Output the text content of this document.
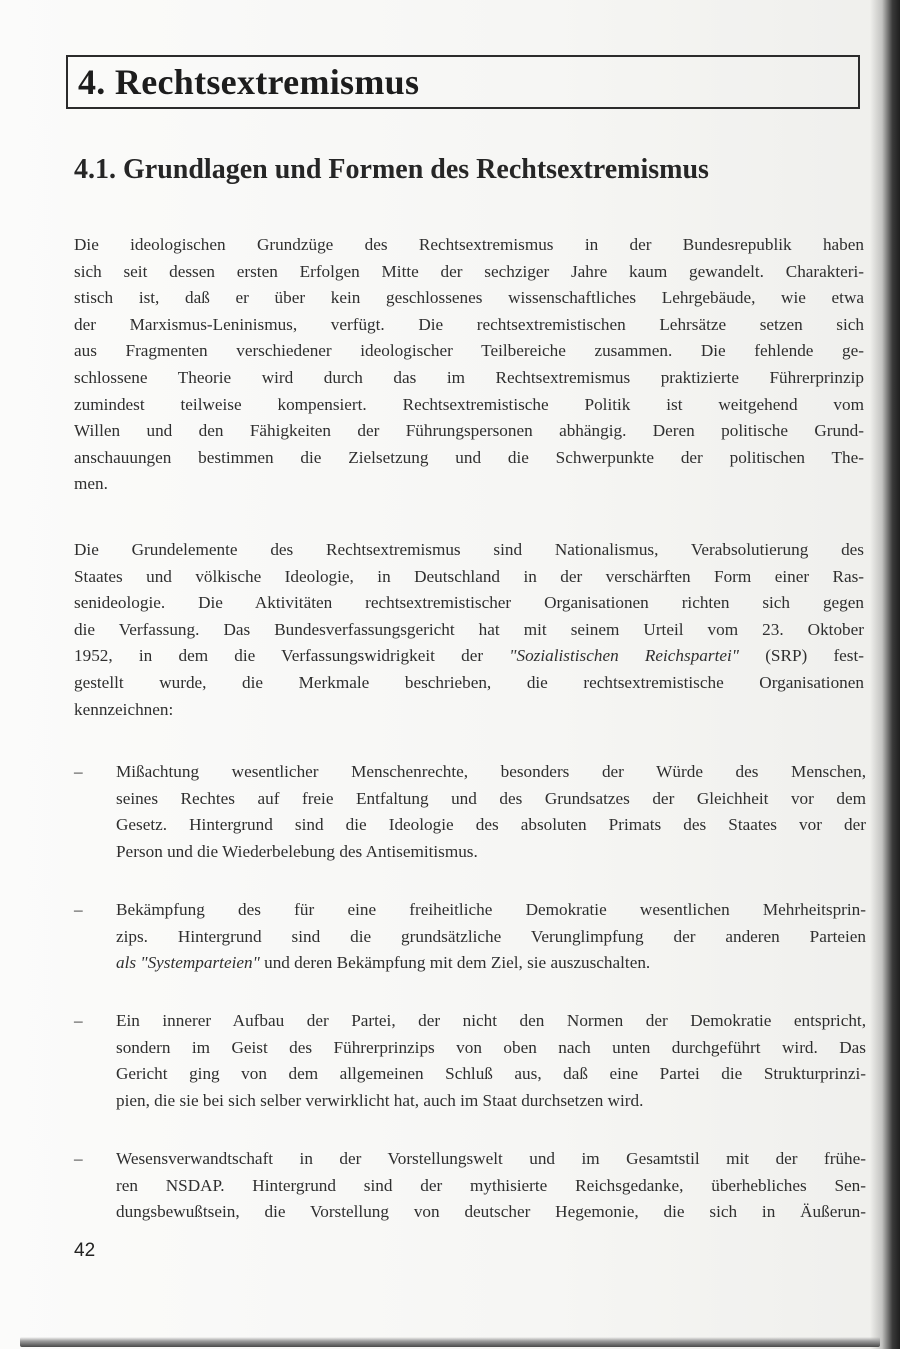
4. Rechtsextremismus
4.1. Grundlagen und Formen des Rechtsextremismus
Die ideologischen Grundzüge des Rechtsextremismus in der Bundesrepublik haben
sich seit dessen ersten Erfolgen Mitte der sechziger Jahre kaum gewandelt. Charakteri-
stisch ist, daß er über kein geschlossenes wissenschaftliches Lehrgebäude, wie etwa
der Marxismus-Leninismus, verfügt. Die rechtsextremistischen Lehrsätze setzen sich
aus Fragmenten verschiedener ideologischer Teilbereiche zusammen. Die fehlende ge-
schlossene Theorie wird durch das im Rechtsextremismus praktizierte Führerprinzip
zumindest teilweise kompensiert. Rechtsextremistische Politik ist weitgehend vom
Willen und den Fähigkeiten der Führungspersonen abhängig. Deren politische Grund-
anschauungen bestimmen die Zielsetzung und die Schwerpunkte der politischen The-
men.
Die Grundelemente des Rechtsextremismus sind Nationalismus, Verabsolutierung des
Staates und völkische Ideologie, in Deutschland in der verschärften Form einer Ras-
senideologie. Die Aktivitäten rechtsextremistischer Organisationen richten sich gegen
die Verfassung. Das Bundesverfassungsgericht hat mit seinem Urteil vom 23. Oktober
1952, in dem die Verfassungswidrigkeit der "Sozialistischen Reichspartei" (SRP) fest-
gestellt wurde, die Merkmale beschrieben, die rechtsextremistische Organisationen
kennzeichnen:
– Mißachtung wesentlicher Menschenrechte, besonders der Würde des Menschen,
seines Rechtes auf freie Entfaltung und des Grundsatzes der Gleichheit vor dem
Gesetz. Hintergrund sind die Ideologie des absoluten Primats des Staates vor der
Person und die Wiederbelebung des Antisemitismus.
– Bekämpfung des für eine freiheitliche Demokratie wesentlichen Mehrheitsprin-
zips. Hintergrund sind die grundsätzliche Verunglimpfung der anderen Parteien
als "Systemparteien" und deren Bekämpfung mit dem Ziel, sie auszuschalten.
– Ein innerer Aufbau der Partei, der nicht den Normen der Demokratie entspricht,
sondern im Geist des Führerprinzips von oben nach unten durchgeführt wird. Das
Gericht ging von dem allgemeinen Schluß aus, daß eine Partei die Strukturprinzi-
pien, die sie bei sich selber verwirklicht hat, auch im Staat durchsetzen wird.
– Wesensverwandtschaft in der Vorstellungswelt und im Gesamtstil mit der frühe-
ren NSDAP. Hintergrund sind der mythisierte Reichsgedanke, überhebliches Sen-
dungsbewußtsein, die Vorstellung von deutscher Hegemonie, die sich in Äußerun-
42
